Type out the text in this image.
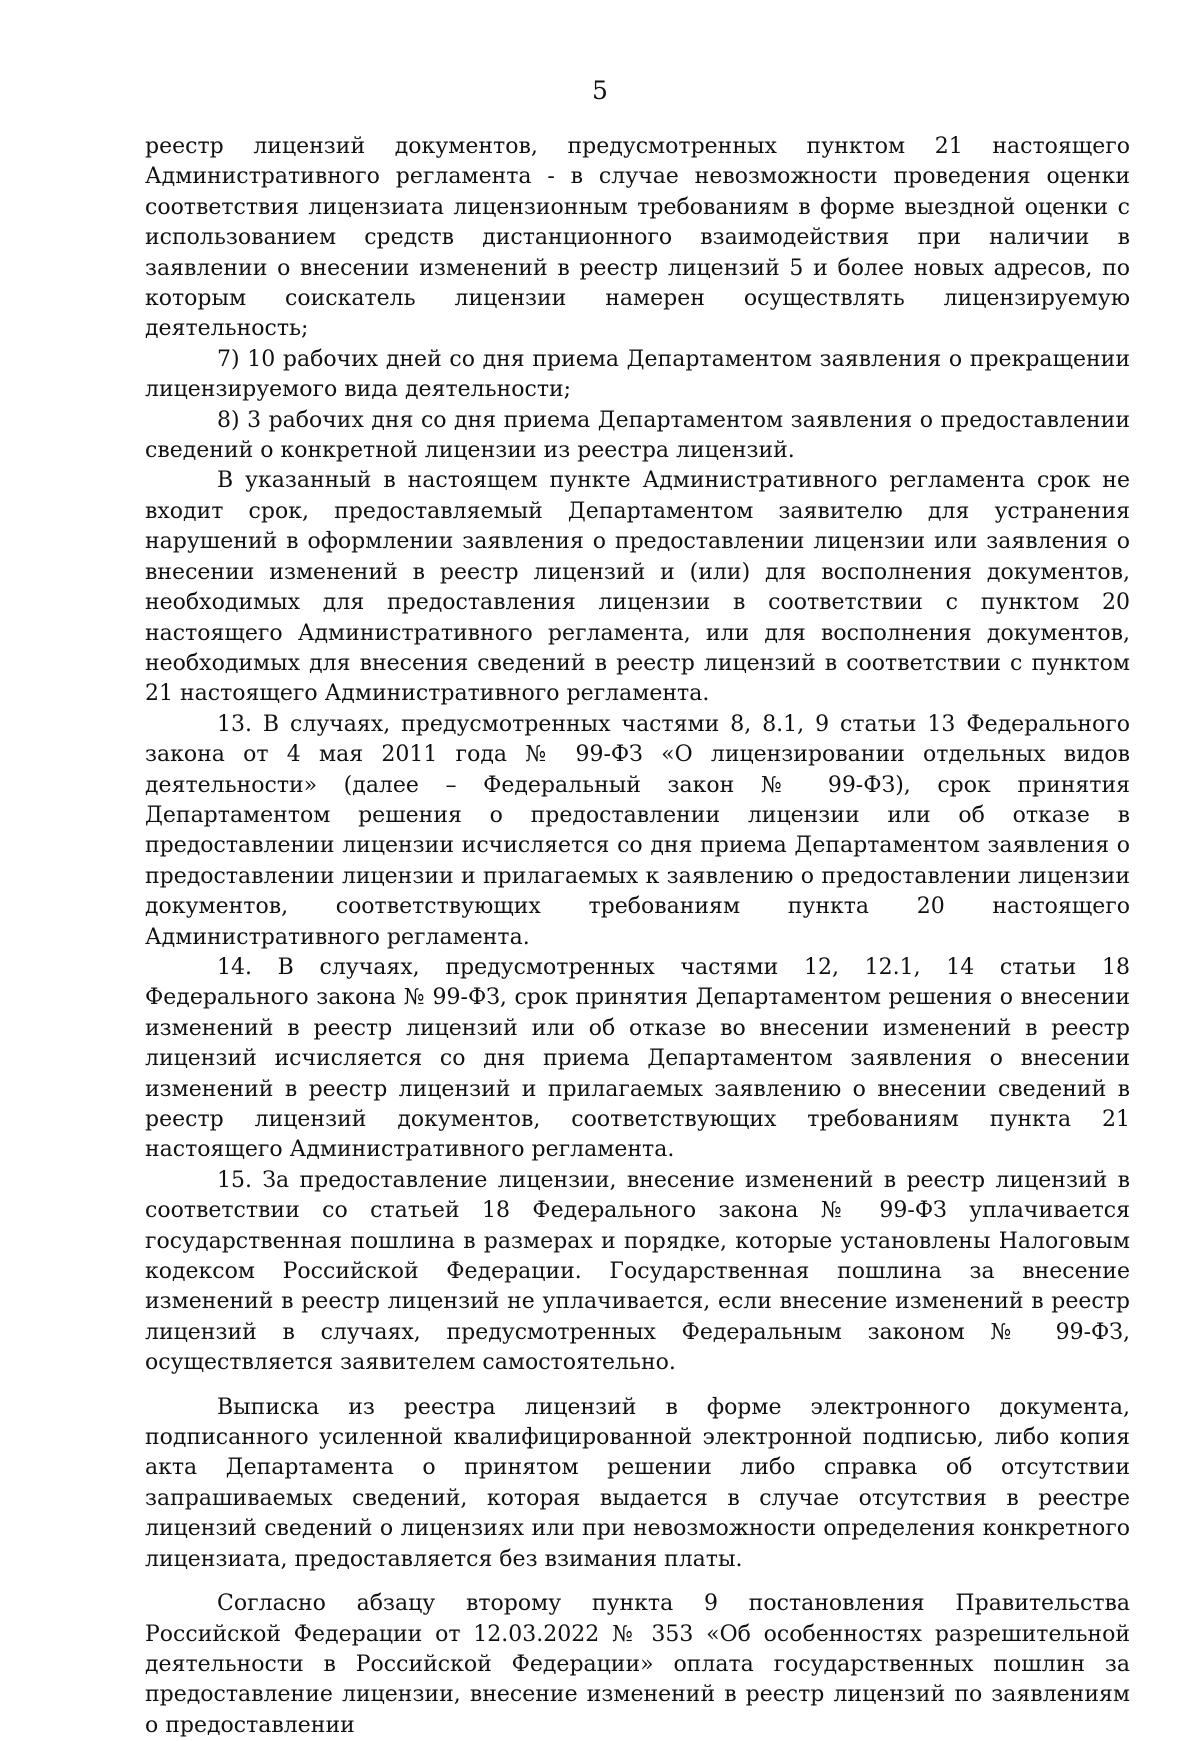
5

реестр лицензий документов, предусмотренных пунктом 21 настоящего Административного регламента - в случае невозможности проведения оценки соответствия лицензиата лицензионным требованиям в форме выездной оценки с использованием средств дистанционного взаимодействия при наличии в заявлении о внесении изменений в реестр лицензий 5 и более новых адресов, по которым соискатель лицензии намерен осуществлять лицензируемую деятельность;

7) 10 рабочих дней со дня приема Департаментом заявления о прекращении лицензируемого вида деятельности;

8) 3 рабочих дня со дня приема Департаментом заявления о предоставлении сведений о конкретной лицензии из реестра лицензий.

В указанный в настоящем пункте Административного регламента срок не входит срок, предоставляемый Департаментом заявителю для устранения нарушений в оформлении заявления о предоставлении лицензии или заявления о внесении изменений в реестр лицензий и (или) для восполнения документов, необходимых для предоставления лицензии в соответствии с пунктом 20 настоящего Административного регламента, или для восполнения документов, необходимых для внесения сведений в реестр лицензий в соответствии с пунктом 21 настоящего Административного регламента.

13. В случаях, предусмотренных частями 8, 8.1, 9 статьи 13 Федерального закона от 4 мая 2011 года № 99-ФЗ «О лицензировании отдельных видов деятельности» (далее – Федеральный закон № 99-ФЗ), срок принятия Департаментом решения о предоставлении лицензии или об отказе в предоставлении лицензии исчисляется со дня приема Департаментом заявления о предоставлении лицензии и прилагаемых к заявлению о предоставлении лицензии документов, соответствующих требованиям пункта 20 настоящего Административного регламента.

14. В случаях, предусмотренных частями 12, 12.1, 14 статьи 18 Федерального закона № 99-ФЗ, срок принятия Департаментом решения о внесении изменений в реестр лицензий или об отказе во внесении изменений в реестр лицензий исчисляется со дня приема Департаментом заявления о внесении изменений в реестр лицензий и прилагаемых заявлению о внесении сведений в реестр лицензий документов, соответствующих требованиям пункта 21 настоящего Административного регламента.

15. За предоставление лицензии, внесение изменений в реестр лицензий в соответствии со статьей 18 Федерального закона № 99-ФЗ уплачивается государственная пошлина в размерах и порядке, которые установлены Налоговым кодексом Российской Федерации. Государственная пошлина за внесение изменений в реестр лицензий не уплачивается, если внесение изменений в реестр лицензий в случаях, предусмотренных Федеральным законом № 99-ФЗ, осуществляется заявителем самостоятельно.

Выписка из реестра лицензий в форме электронного документа, подписанного усиленной квалифицированной электронной подписью, либо копия акта Департамента о принятом решении либо справка об отсутствии запрашиваемых сведений, которая выдается в случае отсутствия в реестре лицензий сведений о лицензиях или при невозможности определения конкретного лицензиата, предоставляется без взимания платы.

Согласно абзацу второму пункта 9 постановления Правительства Российской Федерации от 12.03.2022 № 353 «Об особенностях разрешительной деятельности в Российской Федерации» оплата государственных пошлин за предоставление лицензии, внесение изменений в реестр лицензий по заявлениям о предоставлении
